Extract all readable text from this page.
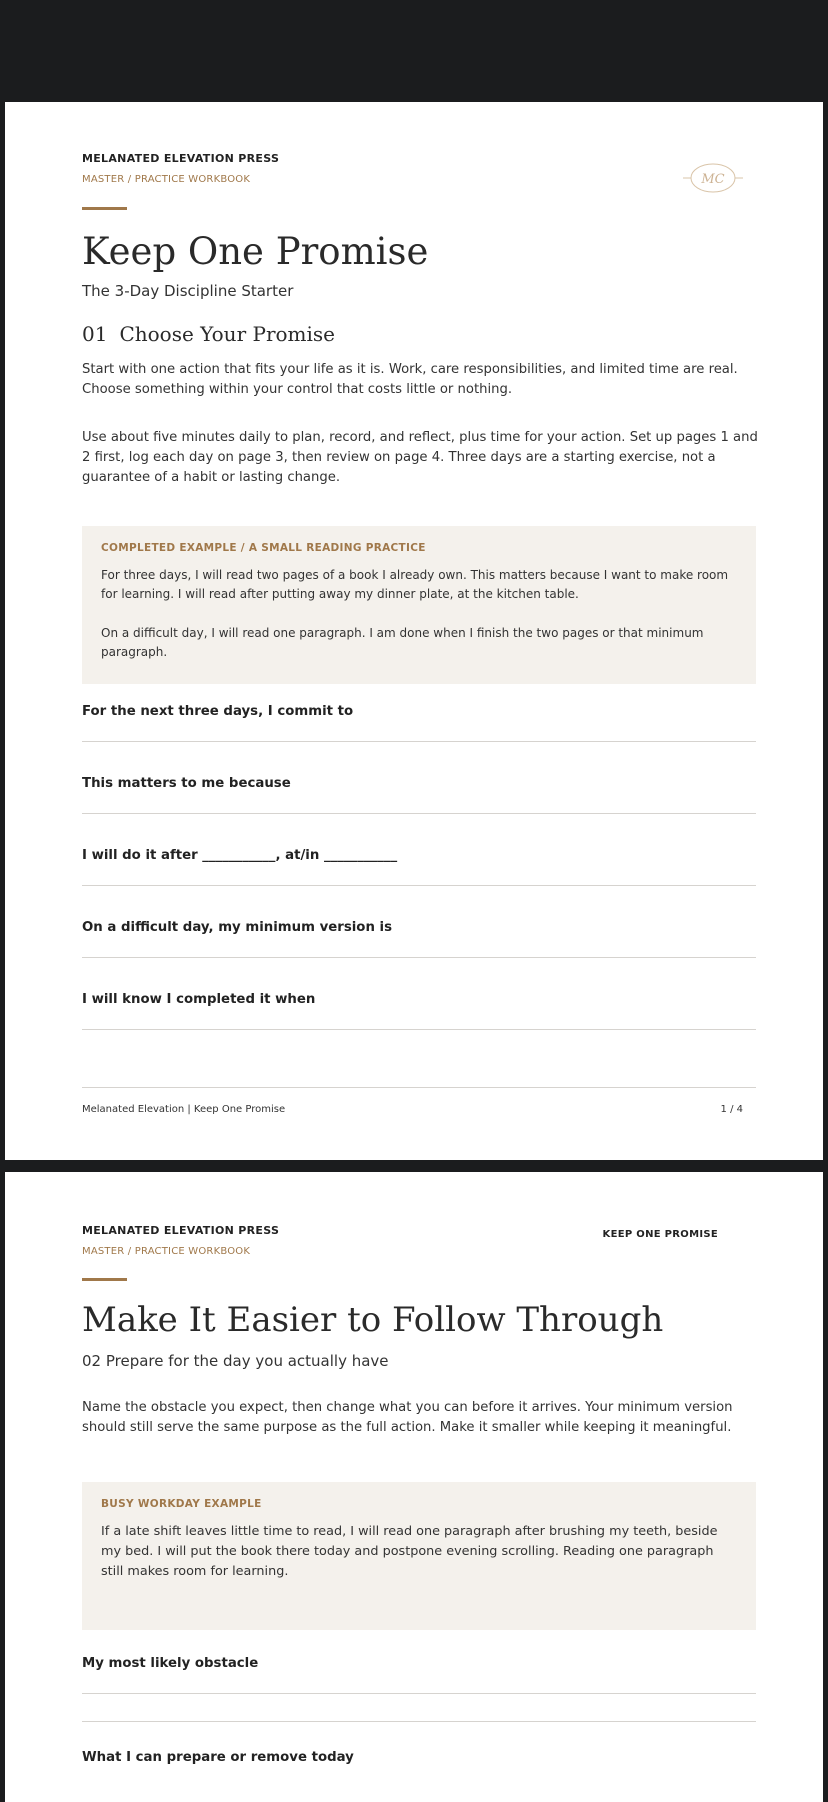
MELANATED ELEVATION PRESS
MASTER / PRACTICE WORKBOOK	MC
Keep One Promise
The 3-Day Discipline Starter
01 Choose Your Promise

Start with one action that fits your life as it is. Work, care responsibilities, and limited time are real. Choose something within your control that costs little or nothing.

Use about five minutes daily to plan, record, and reflect, plus time for your action. Set up pages 1 and 2 first, log each day on page 3, then review on page 4. Three days are a starting exercise, not a guarantee of a habit or lasting change.

COMPLETED EXAMPLE / A SMALL READING PRACTICE

For three days, I will read two pages of a book I already own. This matters because I want to make room for learning. I will read after putting away my dinner plate, at the kitchen table.

On a difficult day, I will read one paragraph. I am done when I finish the two pages or that minimum paragraph.

For the next three days, I commit to
This matters to me because
I will do it after ___________, at/in ___________
On a difficult day, my minimum version is
I will know I completed it when
Melanated Elevation | Keep One Promise	1 / 4
MELANATED ELEVATION PRESS
MASTER / PRACTICE WORKBOOK
KEEP ONE PROMISE
Make It Easier to Follow Through
02 Prepare for the day you actually have

Name the obstacle you expect, then change what you can before it arrives. Your minimum version should still serve the same purpose as the full action. Make it smaller while keeping it meaningful.

BUSY WORKDAY EXAMPLE

If a late shift leaves little time to read, I will read one paragraph after brushing my teeth, beside my bed. I will put the book there today and postpone evening scrolling. Reading one paragraph still makes room for learning.

My most likely obstacle
What I can prepare or remove today
